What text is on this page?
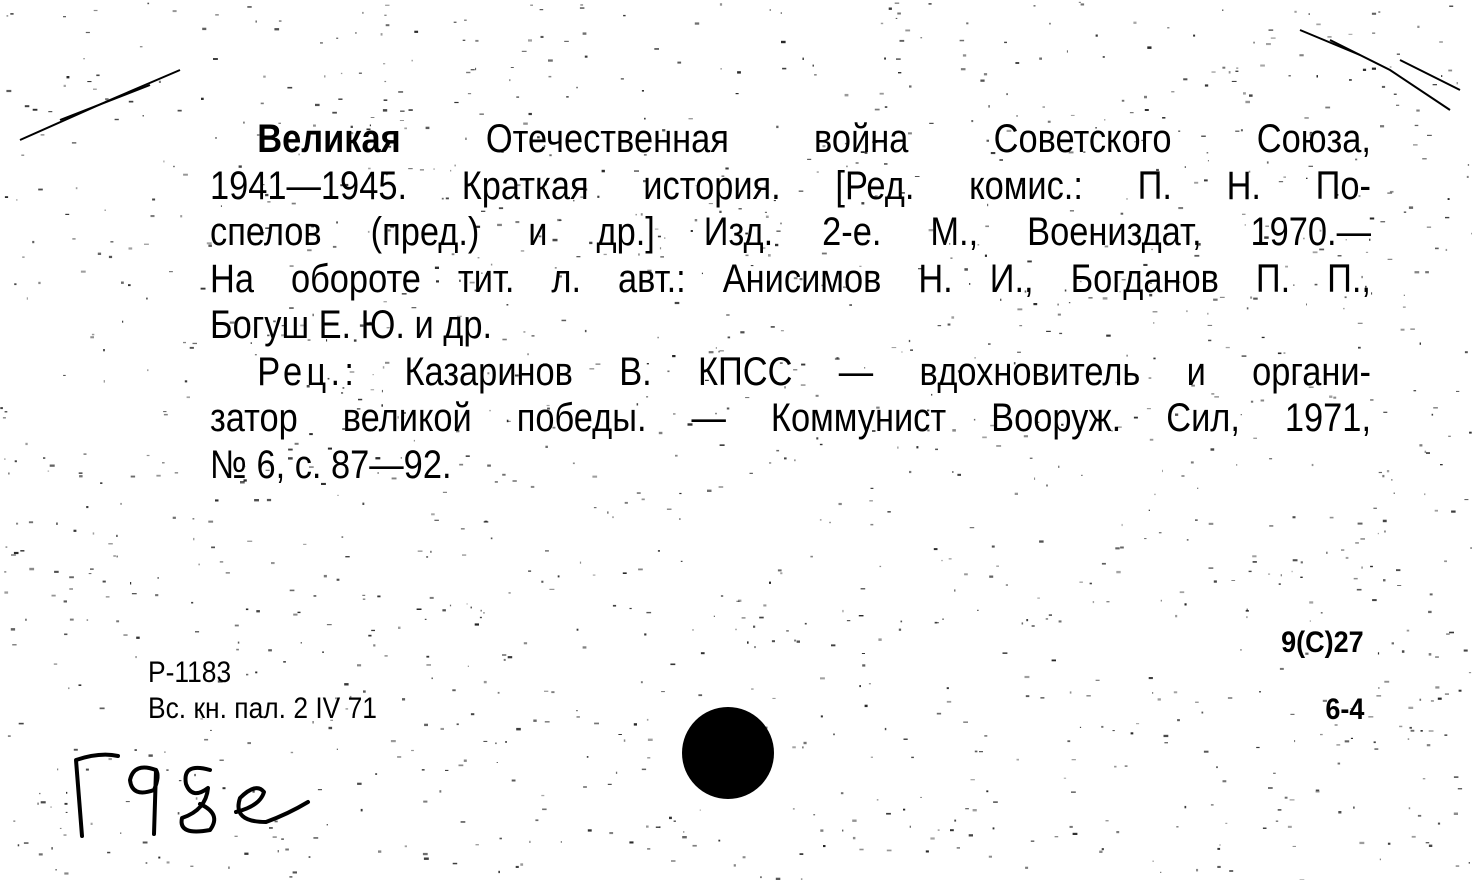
Великая Отечественная война Советского Союза,
1941—1945. Краткая история. [Ред. комис.: П. Н. По-
спелов (пред.) и др.] Изд. 2-е. М., Воениздат, 1970.—
На обороте тит. л. авт.: Анисимов Н. И., Богданов П. П.,
Богуш Е. Ю. и др.
Рец.: Казаринов В. КПСС — вдохновитель и органи-
затор великой победы. — Коммунист Вооруж. Сил, 1971,
№ 6, с. 87—92.
Р-1183
Вс. кн. пал. 2 IV 71
9(С)27
6-4
